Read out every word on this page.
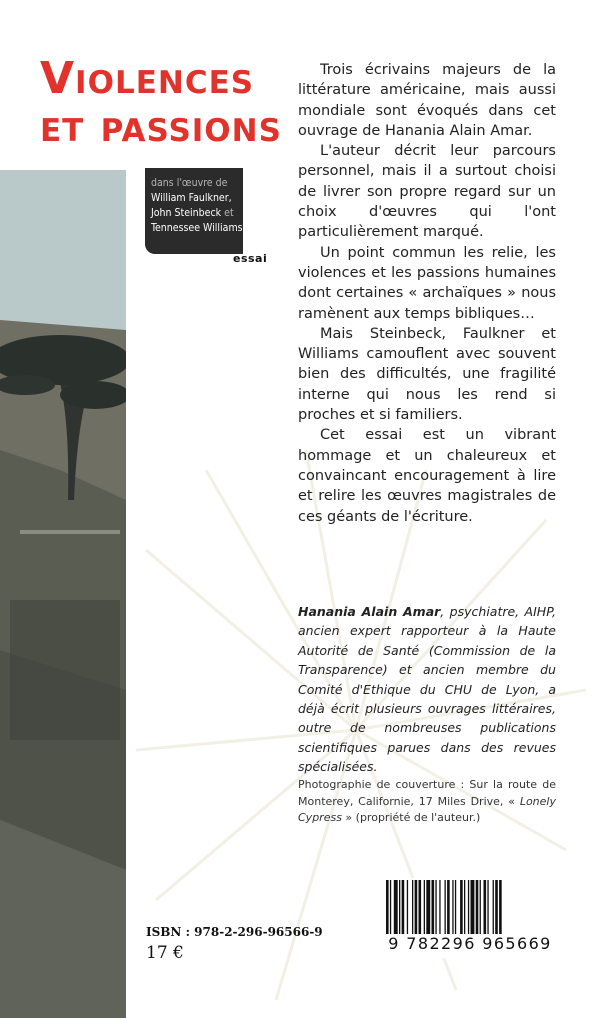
Violences
et passions
dans l'œuvre de
William Faulkner,
John Steinbeck et
Tennessee Williams
essai

Trois écrivains majeurs de la littérature américaine, mais aussi mondiale sont évoqués dans cet ouvrage de Hanania Alain Amar.

L'auteur décrit leur parcours personnel, mais il a surtout choisi de livrer son propre regard sur un choix d'œuvres qui l'ont particulièrement marqué.

Un point commun les relie, les violences et les passions humaines dont certaines « archaïques » nous ramènent aux temps bibliques…

Mais Steinbeck, Faulkner et Williams camouflent avec souvent bien des difficultés, une fragilité interne qui nous les rend si proches et si familiers.

Cet essai est un vibrant hommage et un chaleureux et convaincant encouragement à lire et relire les œuvres magistrales de ces géants de l'écriture.

Hanania Alain Amar, psychiatre, AIHP, ancien expert rapporteur à la Haute Autorité de Santé (Commission de la Transparence) et ancien membre du Comité d'Ethique du CHU de Lyon, a déjà écrit plusieurs ouvrages littéraires, outre de nombreuses publications scientifiques parues dans des revues spécialisées.
Photographie de couverture : Sur la route de Monterey, Californie, 17 Miles Drive, « Lonely Cypress » (propriété de l'auteur.)
ISBN : 978-2-296-96566-9
17 €	9 782296 965669
